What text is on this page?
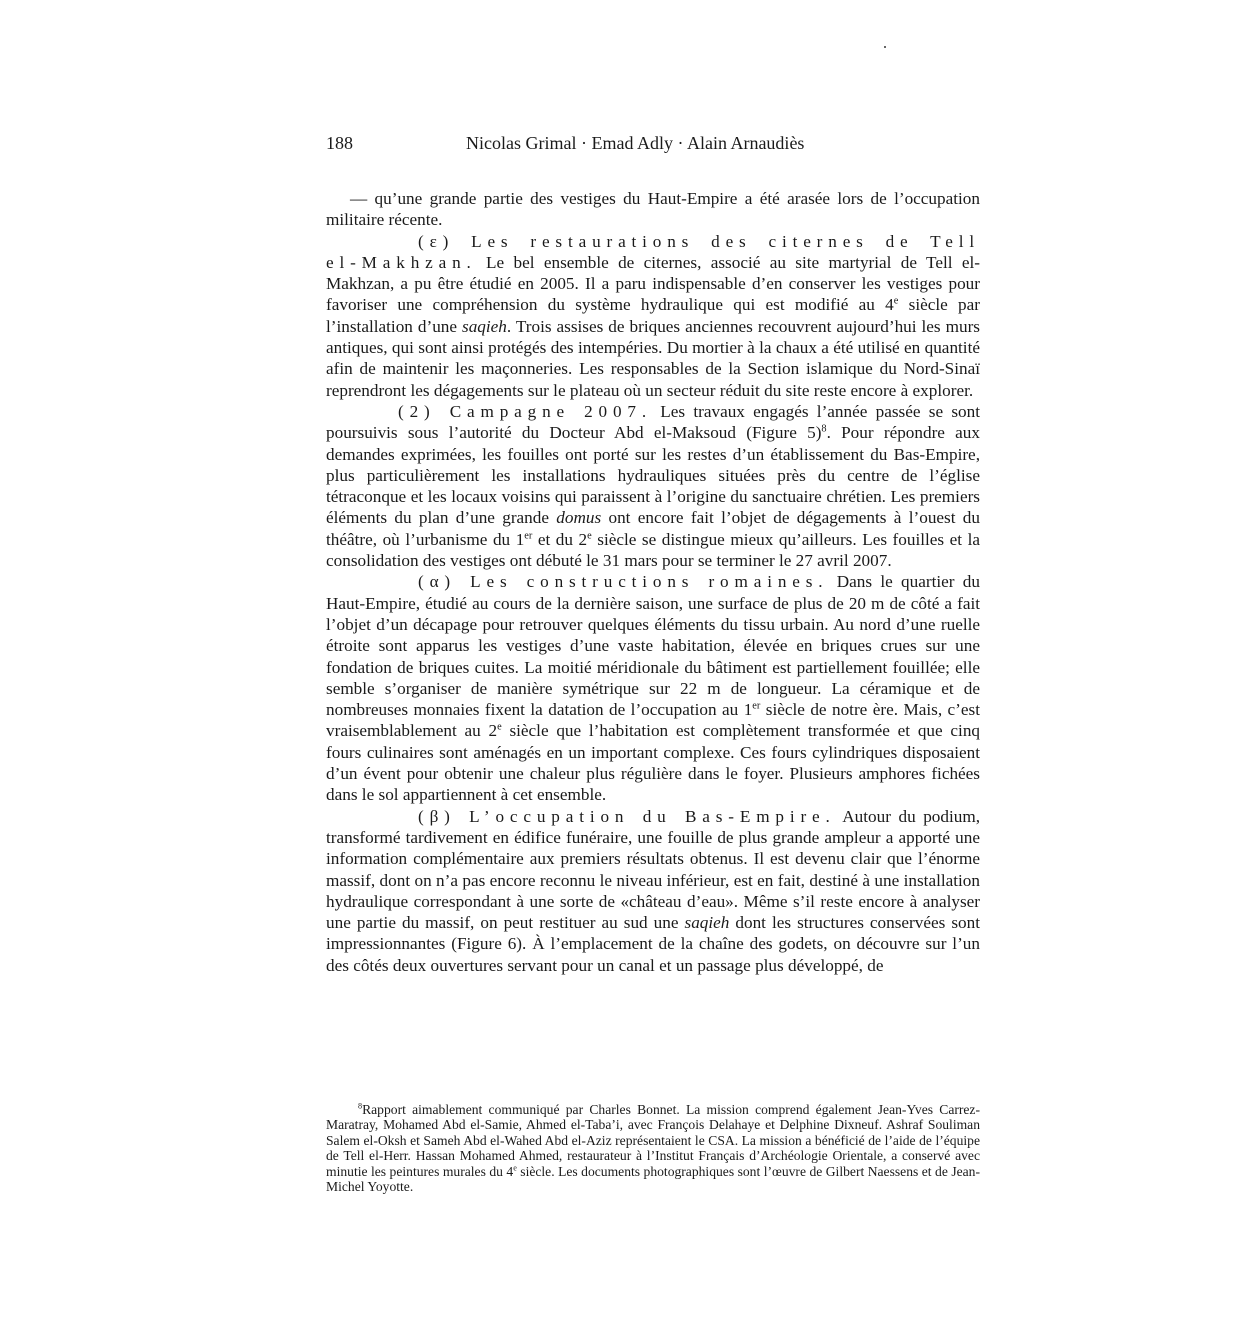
188	Nicolas Grimal · Emad Adly · Alain Arnaudiès

— qu’une grande partie des vestiges du Haut-Empire a été arasée lors de l’occupation militaire récente.

(ε) Les restaurations des citernes de Tell el-Makhzan. Le bel ensemble de citernes, associé au site martyrial de Tell el-Makhzan, a pu être étudié en 2005. Il a paru indispensable d’en conserver les vestiges pour favoriser une compréhension du système hydraulique qui est modifié au 4e siècle par l’installation d’une saqieh. Trois assises de briques anciennes recouvrent aujourd’hui les murs antiques, qui sont ainsi protégés des intempéries. Du mortier à la chaux a été utilisé en quantité afin de maintenir les maçonneries. Les responsables de la Section islamique du Nord-Sinaï reprendront les dégagements sur le plateau où un secteur réduit du site reste encore à explorer.

(2) Campagne 2007. Les travaux engagés l’année passée se sont poursuivis sous l’autorité du Docteur Abd el-Maksoud (Figure 5)$^8$. Pour répondre aux demandes exprimées, les fouilles ont porté sur les restes d’un établissement du Bas-Empire, plus particulièrement les installations hydrauliques situées près du centre de l’église tétraconque et les locaux voisins qui paraissent à l’origine du sanctuaire chrétien. Les premiers éléments du plan d’une grande domus ont encore fait l’objet de dégagements à l’ouest du théâtre, où l’urbanisme du 1er et du 2e siècle se distingue mieux qu’ailleurs. Les fouilles et la consolidation des vestiges ont débuté le 31 mars pour se terminer le 27 avril 2007.

(α) Les constructions romaines. Dans le quartier du Haut-Empire, étudié au cours de la dernière saison, une surface de plus de 20 m de côté a fait l’objet d’un décapage pour retrouver quelques éléments du tissu urbain. Au nord d’une ruelle étroite sont apparus les vestiges d’une vaste habitation, élevée en briques crues sur une fondation de briques cuites. La moitié méridionale du bâtiment est partiellement fouillée; elle semble s’organiser de manière symétrique sur 22 m de longueur. La céramique et de nombreuses monnaies fixent la datation de l’occupation au 1er siècle de notre ère. Mais, c’est vraisemblablement au 2e siècle que l’habitation est complètement transformée et que cinq fours culinaires sont aménagés en un important complexe. Ces fours cylindriques disposaient d’un évent pour obtenir une chaleur plus régulière dans le foyer. Plusieurs amphores fichées dans le sol appartiennent à cet ensemble.

(β) L’occupation du Bas-Empire. Autour du podium, transformé tardivement en édifice funéraire, une fouille de plus grande ampleur a apporté une information complémentaire aux premiers résultats obtenus. Il est devenu clair que l’énorme massif, dont on n’a pas encore reconnu le niveau inférieur, est en fait, destiné à une installation hydraulique correspondant à une sorte de «château d’eau». Même s’il reste encore à analyser une partie du massif, on peut restituer au sud une saqieh dont les structures conservées sont impressionnantes (Figure 6). À l’emplacement de la chaîne des godets, on découvre sur l’un des côtés deux ouvertures servant pour un canal et un passage plus développé, de

$^8$Rapport aimablement communiqué par Charles Bonnet. La mission comprend également Jean-Yves Carrez-Maratray, Mohamed Abd el-Samie, Ahmed el-Taba’i, avec François Delahaye et Delphine Dixneuf. Ashraf Souliman Salem el-Oksh et Sameh Abd el-Wahed Abd el-Aziz représentaient le CSA. La mission a bénéficié de l’aide de l’équipe de Tell el-Herr. Hassan Mohamed Ahmed, restaurateur à l’Institut Français d’Archéologie Orientale, a conservé avec minutie les peintures murales du 4e siècle. Les documents photographiques sont l’œuvre de Gilbert Naessens et de Jean-Michel Yoyotte.
